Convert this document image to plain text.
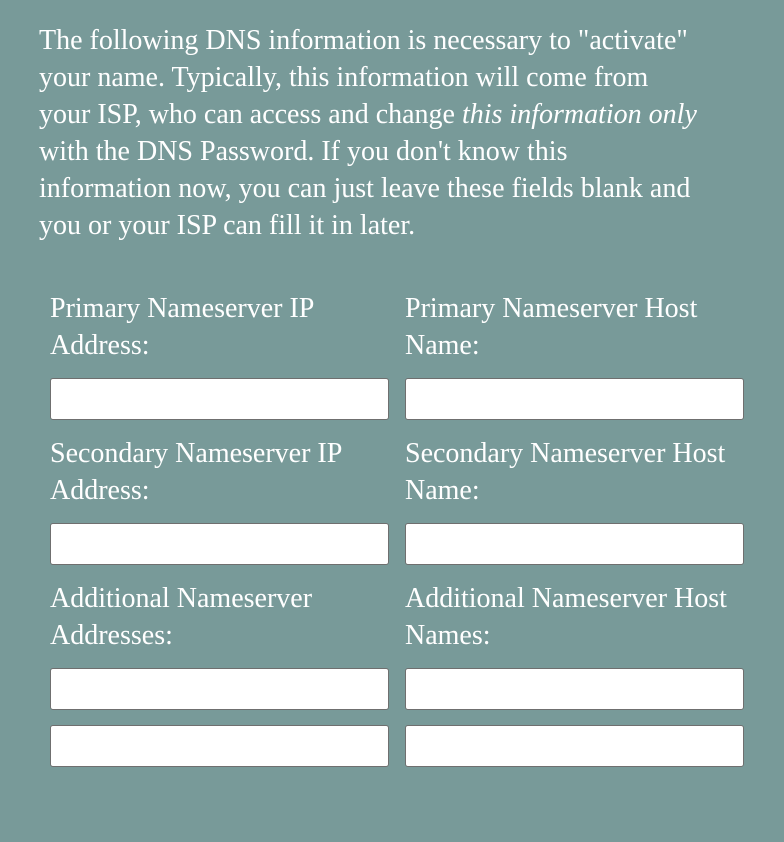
The following DNS information is necessary to "activate" your name. Typically, this information will come from your ISP, who can access and change this information only with the DNS Password. If you don't know this information now, you can just leave these fields blank and you or your ISP can fill it in later.

Primary Nameserver IP Address:

Primary Nameserver Host Name:

Secondary Nameserver IP Address:

Secondary Nameserver Host Name:

Additional Nameserver Addresses:

Additional Nameserver Host Names:
